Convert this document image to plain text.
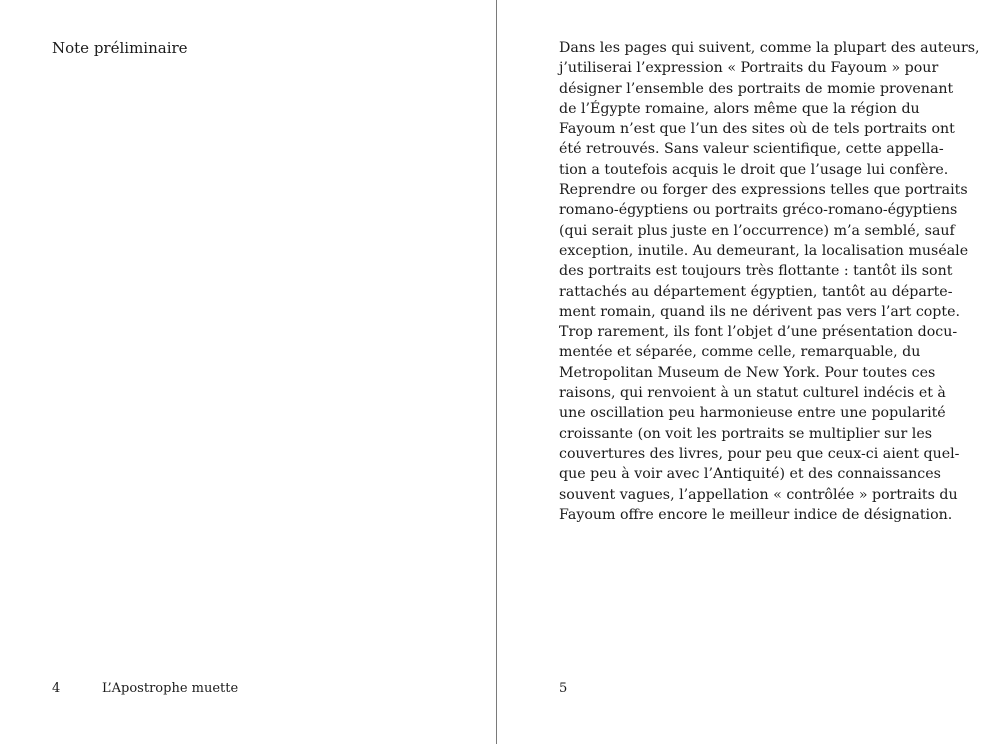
Note préliminaire
4	L’Apostrophe muette
Dans les pages qui suivent, comme la plupart des auteurs,
j’utiliserai l’expression « Portraits du Fayoum » pour
désigner l’ensemble des portraits de momie provenant
de l’Égypte romaine, alors même que la région du
Fayoum n’est que l’un des sites où de tels portraits ont
été retrouvés. Sans valeur scientifique, cette appella-
tion a toutefois acquis le droit que l’usage lui confère.
Reprendre ou forger des expressions telles que portraits
romano-égyptiens ou portraits gréco-romano-égyptiens
(qui serait plus juste en l’occurrence) m’a semblé, sauf
exception, inutile. Au demeurant, la localisation muséale
des portraits est toujours très flottante : tantôt ils sont
rattachés au département égyptien, tantôt au départe-
ment romain, quand ils ne dérivent pas vers l’art copte.
Trop rarement, ils font l’objet d’une présentation docu-
mentée et séparée, comme celle, remarquable, du
Metropolitan Museum de New York. Pour toutes ces
raisons, qui renvoient à un statut culturel indécis et à
une oscillation peu harmonieuse entre une popularité
croissante (on voit les portraits se multiplier sur les
couvertures des livres, pour peu que ceux-ci aient quel-
que peu à voir avec l’Antiquité) et des connaissances
souvent vagues, l’appellation « contrôlée » portraits du
Fayoum offre encore le meilleur indice de désignation.
5
